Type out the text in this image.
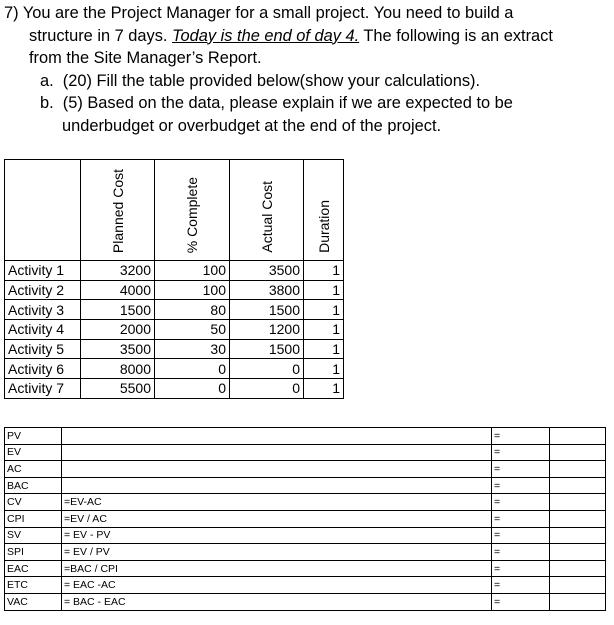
7) You are the Project Manager for a small project. You need to build a
structure in 7 days. Today is the end of day 4. The following is an extract
from the Site Manager’s Report.
a. (20) Fill the table provided below(show your calculations).
b. (5) Based on the data, please explain if we are expected to be
underbudget or overbudget at the end of the project.
	Planned Cost	% Complete	Actual Cost	Duration
Activity 1	3200	100	3500	1
Activity 2	4000	100	3800	1
Activity 3	1500	80	1500	1
Activity 4	2000	50	1200	1
Activity 5	3500	30	1500	1
Activity 6	8000	0	0	1
Activity 7	5500	0	0	1
PV		=	
EV		=	
AC		=	
BAC		=	
CV	=EV-AC	=	
CPI	=EV / AC	=	
SV	= EV - PV	=	
SPI	= EV / PV	=	
EAC	=BAC / CPI	=	
ETC	= EAC -AC	=	
VAC	= BAC - EAC	=	
